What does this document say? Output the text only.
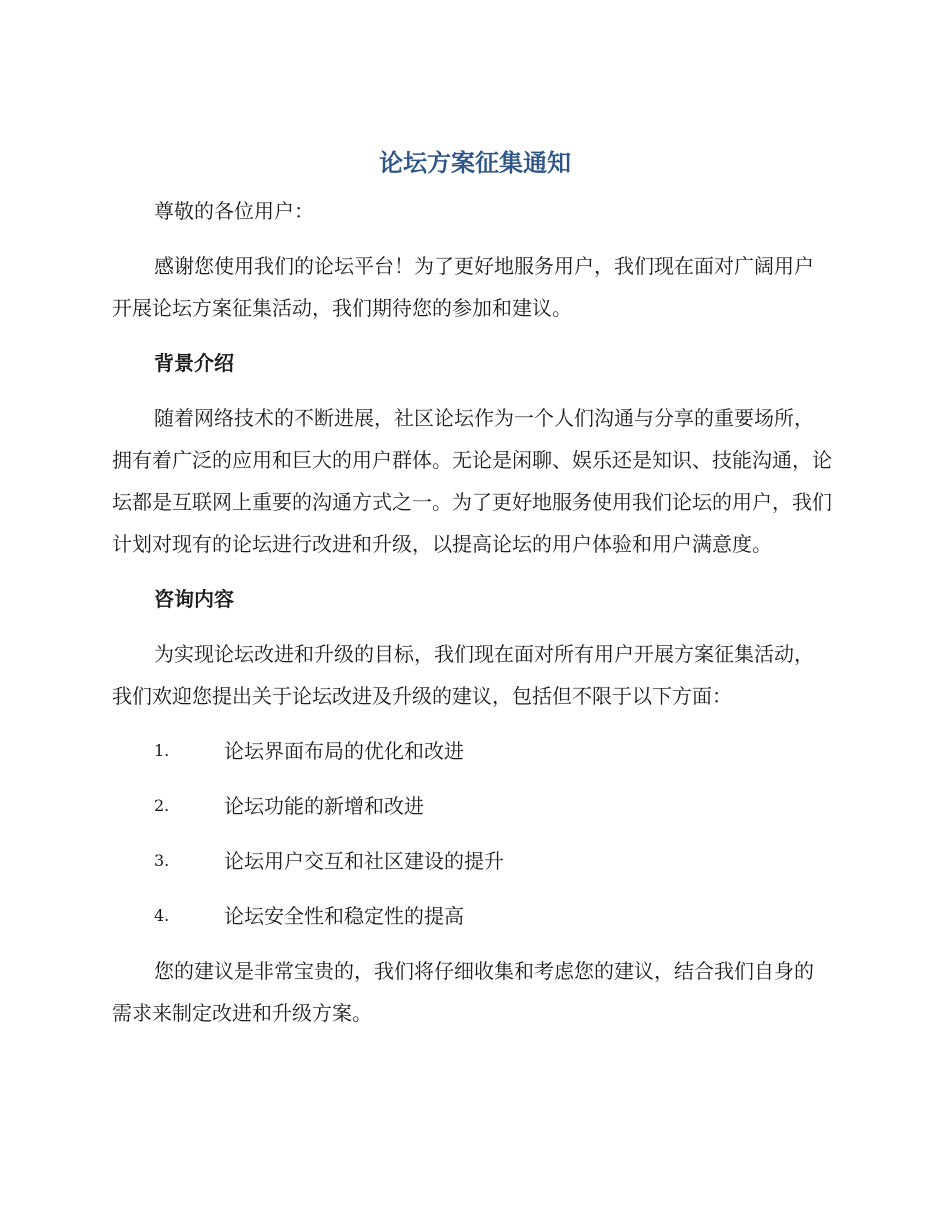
论坛方案征集通知

尊敬的各位用户：

感谢您使用我们的论坛平台！为了更好地服务用户，我们现在面对广阔用户开展论坛方案征集活动，我们期待您的参加和建议。

背景介绍

随着网络技术的不断进展，社区论坛作为一个人们沟通与分享的重要场所，拥有着广泛的应用和巨大的用户群体。无论是闲聊、娱乐还是知识、技能沟通，论坛都是互联网上重要的沟通方式之一。为了更好地服务使用我们论坛的用户，我们计划对现有的论坛进行改进和升级，以提高论坛的用户体验和用户满意度。

咨询内容

为实现论坛改进和升级的目标，我们现在面对所有用户开展方案征集活动，我们欢迎您提出关于论坛改进及升级的建议，包括但不限于以下方面：

1.	论坛界面布局的优化和改进
2.	论坛功能的新增和改进
3.	论坛用户交互和社区建设的提升
4.	论坛安全性和稳定性的提高

您的建议是非常宝贵的，我们将仔细收集和考虑您的建议，结合我们自身的需求来制定改进和升级方案。
